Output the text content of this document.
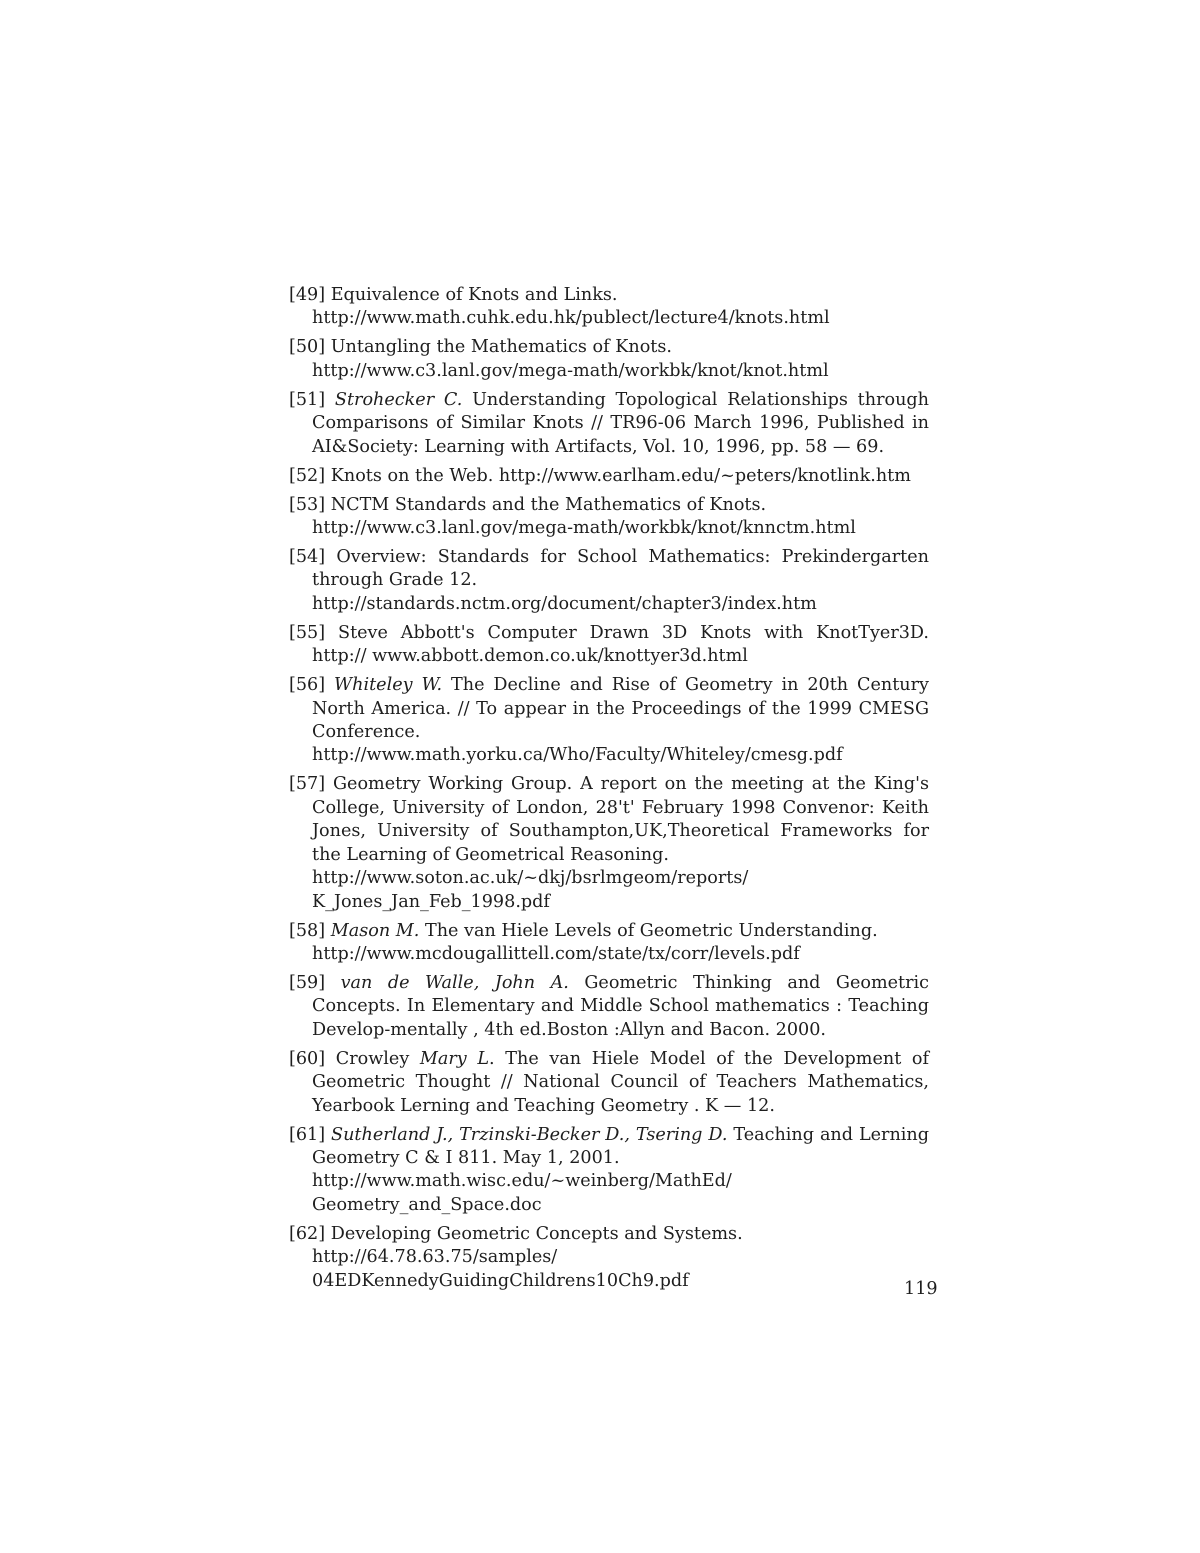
[49] Equivalence of Knots and Links.
http://www.math.cuhk.edu.hk/publect/lecture4/knots.html
[50] Untangling the Mathematics of Knots.
http://www.c3.lanl.gov/mega-math/workbk/knot/knot.html
[51] Strohecker C. Understanding Topological Relationships through Comparisons of Similar Knots // TR96-06 March 1996, Published in AI&Society: Learning with Artifacts, Vol. 10, 1996, pp. 58 — 69.
[52] Knots on the Web. http://www.earlham.edu/~peters/knotlink.htm
[53] NCTM Standards and the Mathematics of Knots.
http://www.c3.lanl.gov/mega-math/workbk/knot/knnctm.html
[54] Overview: Standards for School Mathematics: Prekindergarten through Grade 12.
http://standards.nctm.org/document/chapter3/index.htm
[55] Steve Abbott's Computer Drawn 3D Knots with KnotTyer3D. http:// www.abbott.demon.co.uk/knottyer3d.html
[56] Whiteley W. The Decline and Rise of Geometry in 20th Century North America. // To appear in the Proceedings of the 1999 CMESG Conference.
http://www.math.yorku.ca/Who/Faculty/Whiteley/cmesg.pdf
[57] Geometry Working Group. A report on the meeting at the King's College, University of London, 28't' February 1998 Convenor: Keith Jones, University of Southampton,UK,Theoretical Frameworks for the Learning of Geometrical Reasoning.
http://www.soton.ac.uk/~dkj/bsrlmgeom/reports/
K_Jones_Jan_Feb_1998.pdf
[58] Mason M. The van Hiele Levels of Geometric Understanding.
http://www.mcdougallittell.com/state/tx/corr/levels.pdf
[59] van de Walle, John A. Geometric Thinking and Geometric Concepts. In Elementary and Middle School mathematics : Teaching Develop-mentally , 4th ed.Boston :Allyn and Bacon. 2000.
[60] Crowley Mary L. The van Hiele Model of the Development of Geometric Thought // National Council of Teachers Mathematics, Yearbook Lerning and Teaching Geometry . K — 12.
[61] Sutherland J., Trzinski-Becker D., Tsering D. Teaching and Lerning Geometry C & I 811. May 1, 2001.
http://www.math.wisc.edu/~weinberg/MathEd/
Geometry_and_Space.doc
[62] Developing Geometric Concepts and Systems.
http://64.78.63.75/samples/
04EDKennedyGuidingChildrens10Ch9.pdf	119
